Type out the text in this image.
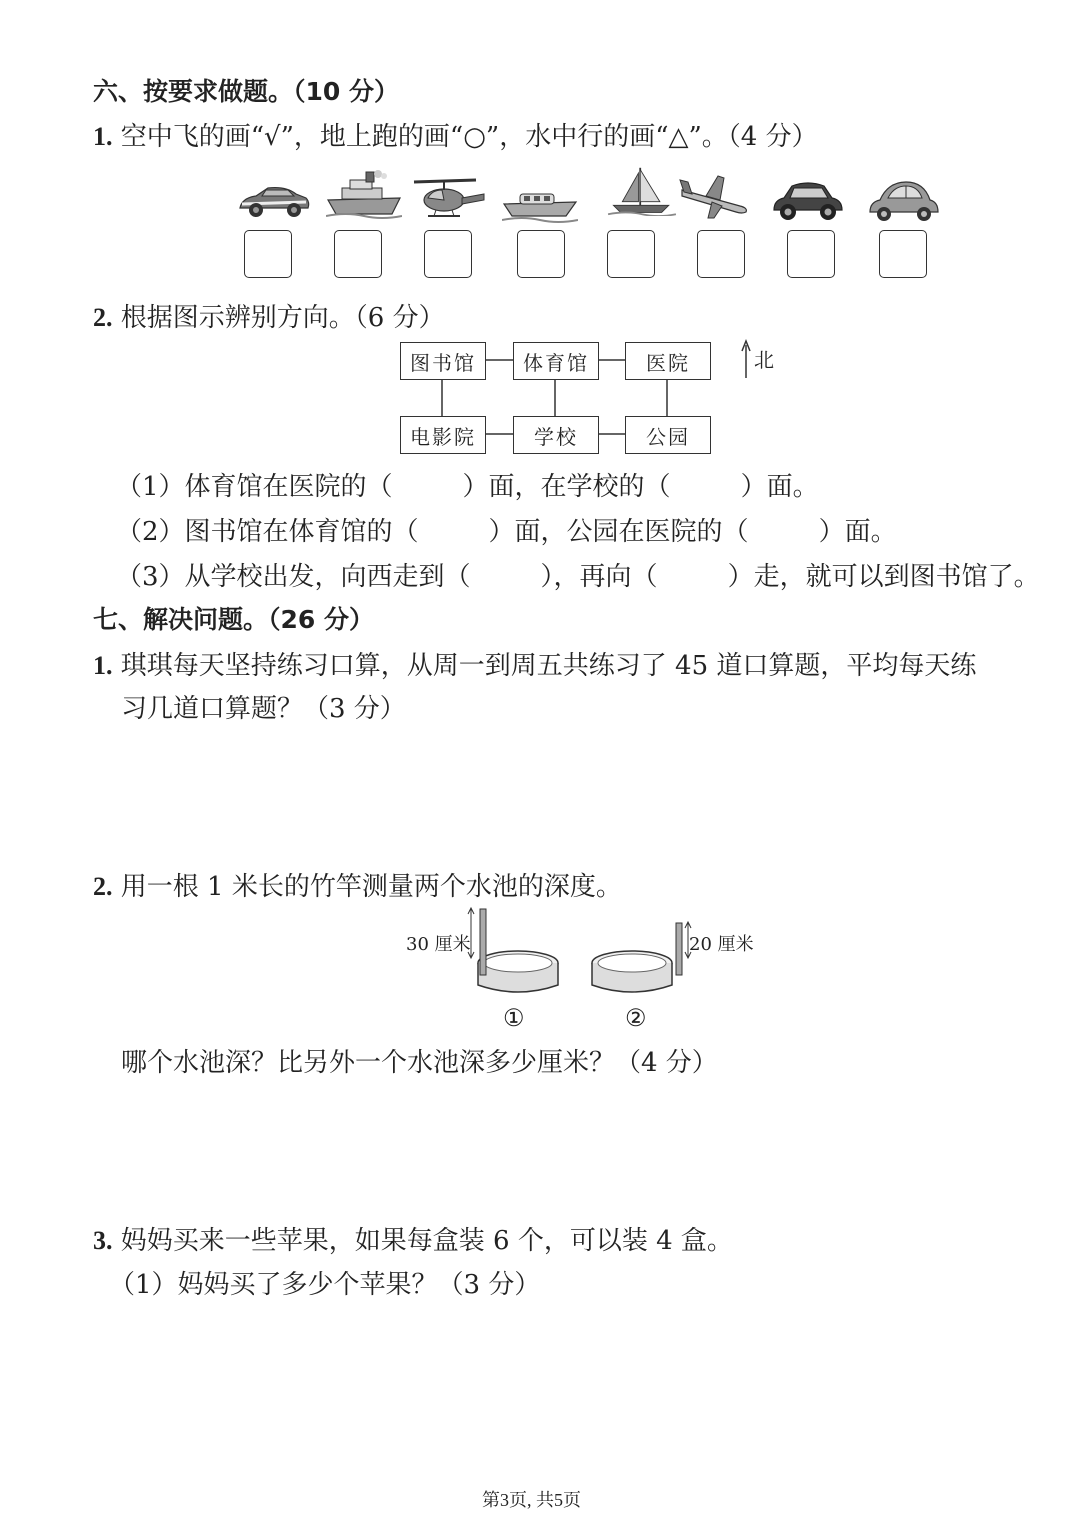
六、按要求做题。（10 分）
1. 空中飞的画“√”，地上跑的画“○”，水中行的画“△”。（4 分）
2. 根据图示辨别方向。（6 分）
图书馆	体育馆	医院
电影院	学校	公园
北
（1）体育馆在医院的（	）面，在学校的（	）面。
（2）图书馆在体育馆的（	）面，公园在医院的（	）面。
（3）从学校出发，向西走到（	），再向（	）走，就可以到图书馆了。
七、解决问题。（26 分）
1. 琪琪每天坚持练习口算，从周一到周五共练习了 45 道口算题，平均每天练
习几道口算题？（3 分）
2. 用一根 1 米长的竹竿测量两个水池的深度。
30 厘米	20 厘米
①	②
哪个水池深？比另外一个水池深多少厘米？（4 分）
3. 妈妈买来一些苹果，如果每盒装 6 个，可以装 4 盒。
（1）妈妈买了多少个苹果？（3 分）
第3页, 共5页
